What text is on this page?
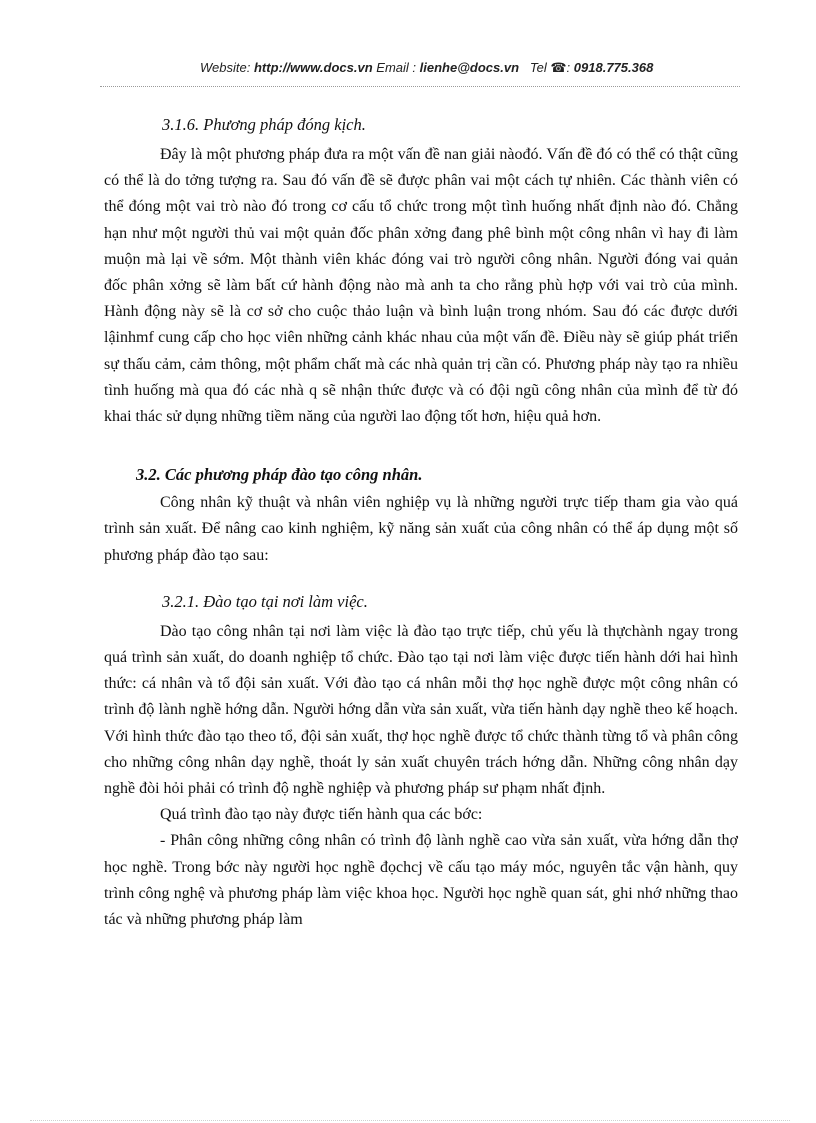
Website: http://www.docs.vn Email : lienhe@docs.vn Tel ☎: 0918.775.368
3.1.6. Phương pháp đóng kịch.

Đây là một phương pháp đưa ra một vấn đề nan giải nàođó. Vấn đề đó có thể có thật cũng có thể là do tởng tượng ra. Sau đó vấn đề sẽ được phân vai một cách tự nhiên. Các thành viên có thể đóng một vai trò nào đó trong cơ cấu tổ chức trong một tình huống nhất định nào đó. Chẳng hạn như một người thủ vai một quản đốc phân xởng đang phê bình một công nhân vì hay đi làm muộn mà lại về sớm. Một thành viên khác đóng vai trò người công nhân. Người đóng vai quản đốc phân xởng sẽ làm bất cứ hành động nào mà anh ta cho rằng phù hợp với vai trò của mình. Hành động này sẽ là cơ sở cho cuộc thảo luận và bình luận trong nhóm. Sau đó các được dưới lậinhmf cung cấp cho học viên những cảnh khác nhau của một vấn đề. Điều này sẽ giúp phát triển sự thấu cảm, cảm thông, một phẩm chất mà các nhà quản trị cần có. Phương pháp này tạo ra nhiều tình huống mà qua đó các nhà q sẽ nhận thức được và có đội ngũ công nhân của mình để từ đó khai thác sử dụng những tiềm năng của người lao động tốt hơn, hiệu quả hơn.

3.2. Các phương pháp đào tạo công nhân.

Công nhân kỹ thuật và nhân viên nghiệp vụ là những người trực tiếp tham gia vào quá trình sản xuất. Để nâng cao kinh nghiệm, kỹ năng sản xuất của công nhân có thể áp dụng một số phương pháp đào tạo sau:

3.2.1. Đào tạo tại nơi làm việc.

Dào tạo công nhân tại nơi làm việc là đào tạo trực tiếp, chủ yếu là thựchành ngay trong quá trình sản xuất, do doanh nghiệp tổ chức. Đào tạo tại nơi làm việc được tiến hành dới hai hình thức: cá nhân và tổ đội sản xuất. Với đào tạo cá nhân mỗi thợ học nghề được một công nhân có trình độ lành nghề hớng dẫn. Người hớng dẫn vừa sản xuất, vừa tiến hành dạy nghề theo kế hoạch. Với hình thức đào tạo theo tổ, đội sản xuất, thợ học nghề được tổ chức thành từng tổ và phân công cho những công nhân dạy nghề, thoát ly sản xuất chuyên trách hớng dẫn. Những công nhân dạy nghề đòi hỏi phải có trình độ nghề nghiệp và phương pháp sư phạm nhất định.

Quá trình đào tạo này được tiến hành qua các bớc:

- Phân công những công nhân có trình độ lành nghề cao vừa sản xuất, vừa hớng dẫn thợ học nghề. Trong bớc này người học nghề đọchcj về cấu tạo máy móc, nguyên tắc vận hành, quy trình công nghệ và phương pháp làm việc khoa học. Người học nghề quan sát, ghi nhớ những thao tác và những phương pháp làm
